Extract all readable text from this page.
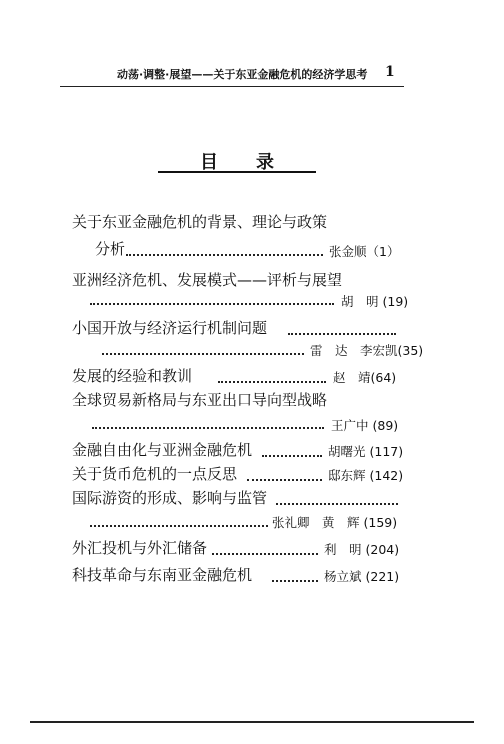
动荡·调整·展望——关于东亚金融危机的经济学思考 1
目录
关于东亚金融危机的背景、理论与政策
分析	张金顺（1）
亚洲经济危机、发展模式——评析与展望
胡　明 (19)
小国开放与经济运行机制问题
雷　达　李宏凯(35)
发展的经验和教训	赵　靖(64)
全球贸易新格局与东亚出口导向型战略
王广中 (89)
金融自由化与亚洲金融危机	胡曙光 (117)
关于货币危机的一点反思	邸东辉 (142)
国际游资的形成、影响与监管
张礼卿　黄　辉 (159)
外汇投机与外汇储备	利　明 (204)
科技革命与东南亚金融危机	杨立斌 (221)
